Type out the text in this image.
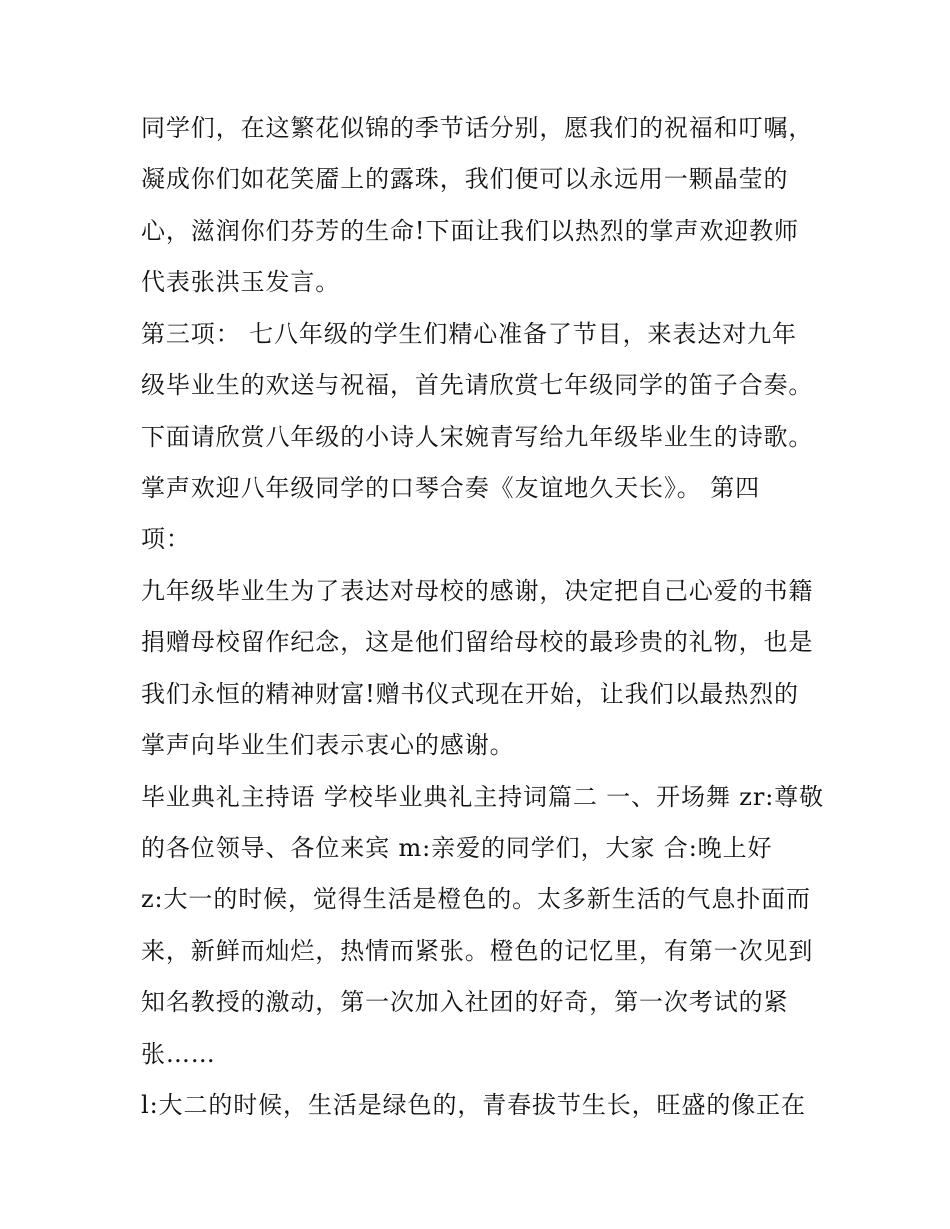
同学们，在这繁花似锦的季节话分别，愿我们的祝福和叮嘱，
凝成你们如花笑靥上的露珠，我们便可以永远用一颗晶莹的
心，滋润你们芬芳的生命!下面让我们以热烈的掌声欢迎教师
代表张洪玉发言。
第三项： 七八年级的学生们精心准备了节目，来表达对九年
级毕业生的欢送与祝福，首先请欣赏七年级同学的笛子合奏。
下面请欣赏八年级的小诗人宋婉青写给九年级毕业生的诗歌。
掌声欢迎八年级同学的口琴合奏《友谊地久天长》。 第四
项：
九年级毕业生为了表达对母校的感谢，决定把自己心爱的书籍
捐赠母校留作纪念，这是他们留给母校的最珍贵的礼物，也是
我们永恒的精神财富!赠书仪式现在开始，让我们以最热烈的
掌声向毕业生们表示衷心的感谢。
毕业典礼主持语 学校毕业典礼主持词篇二 一、开场舞 zr:尊敬
的各位领导、各位来宾 m:亲爱的同学们，大家 合:晚上好
z:大一的时候，觉得生活是橙色的。太多新生活的气息扑面而
来，新鲜而灿烂，热情而紧张。橙色的记忆里，有第一次见到
知名教授的激动，第一次加入社团的好奇，第一次考试的紧
张……
l:大二的时候，生活是绿色的，青春拔节生长，旺盛的像正在
